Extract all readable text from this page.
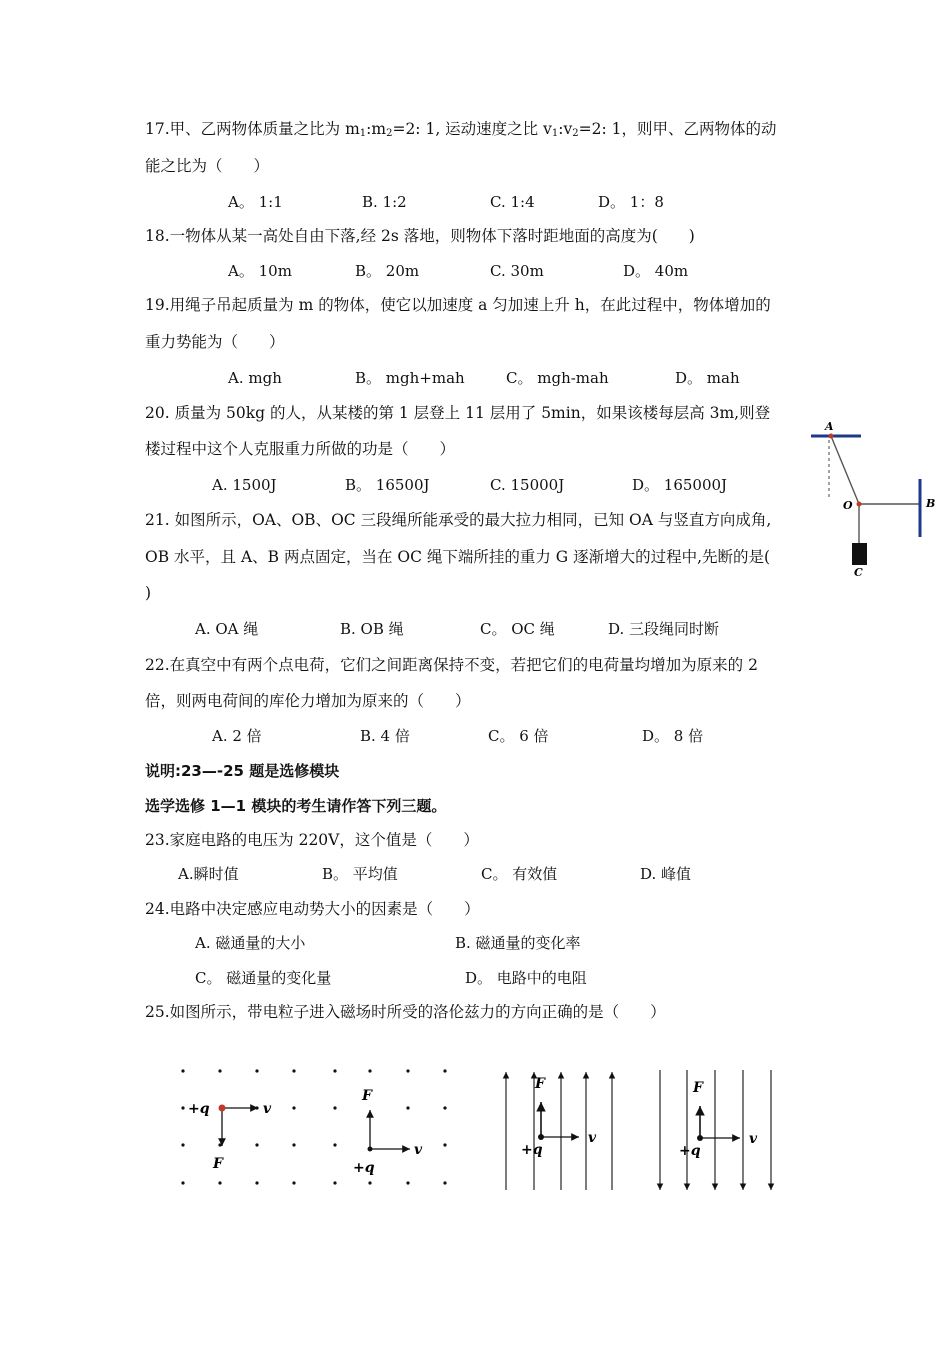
17.甲、乙两物体质量之比为 $m_1:m_2=2$: 1, 运动速度之比 $v_1:v_2=2$: 1，则甲、乙两物体的动
能之比为（　　）
A。 1:1	B. 1:2	C. 1:4	D。 1：8
18.一物体从某一高处自由下落,经 2s 落地，则物体下落时距地面的高度为(　　)
A。 10m	B。 20m	C. 30m	D。 40m
19.用绳子吊起质量为 m 的物体，使它以加速度 a 匀加速上升 h，在此过程中，物体增加的
重力势能为（　　）
A. mgh	B。 mgh+mah	C。 mgh-mah	D。 mah
20. 质量为 50kg 的人，从某楼的第 1 层登上 11 层用了 5min，如果该楼每层高 3m,则登
楼过程中这个人克服重力所做的功是（　　）
A. 1500J	B。 16500J	C. 15000J	D。 165000J
21. 如图所示，OA、OB、OC 三段绳所能承受的最大拉力相同，已知 OA 与竖直方向成角,
OB 水平，且 A、B 两点固定，当在 OC 绳下端所挂的重力 G 逐渐增大的过程中,先断的是(
)
A. OA 绳	B. OB 绳	C。 OC 绳	D. 三段绳同时断
A
O	B
C
22.在真空中有两个点电荷，它们之间距离保持不变，若把它们的电荷量均增加为原来的 2
倍，则两电荷间的库伦力增加为原来的（　　）
A. 2 倍	B. 4 倍	C。 6 倍	D。 8 倍
说明:23—-25 题是选修模块
选学选修 1—1 模块的考生请作答下列三题。
23.家庭电路的电压为 220V，这个值是（　　）
A.瞬时值	B。 平均值	C。 有效值	D. 峰值
24.电路中决定感应电动势大小的因素是（　　）
A. 磁通量的大小	B. 磁通量的变化率
C。 磁通量的变化量	D。 电路中的电阻
25.如图所示，带电粒子进入磁场时所受的洛伦兹力的方向正确的是（　　）
+q	v
F
F
v
+q
F
v
+q
F
v
+q
